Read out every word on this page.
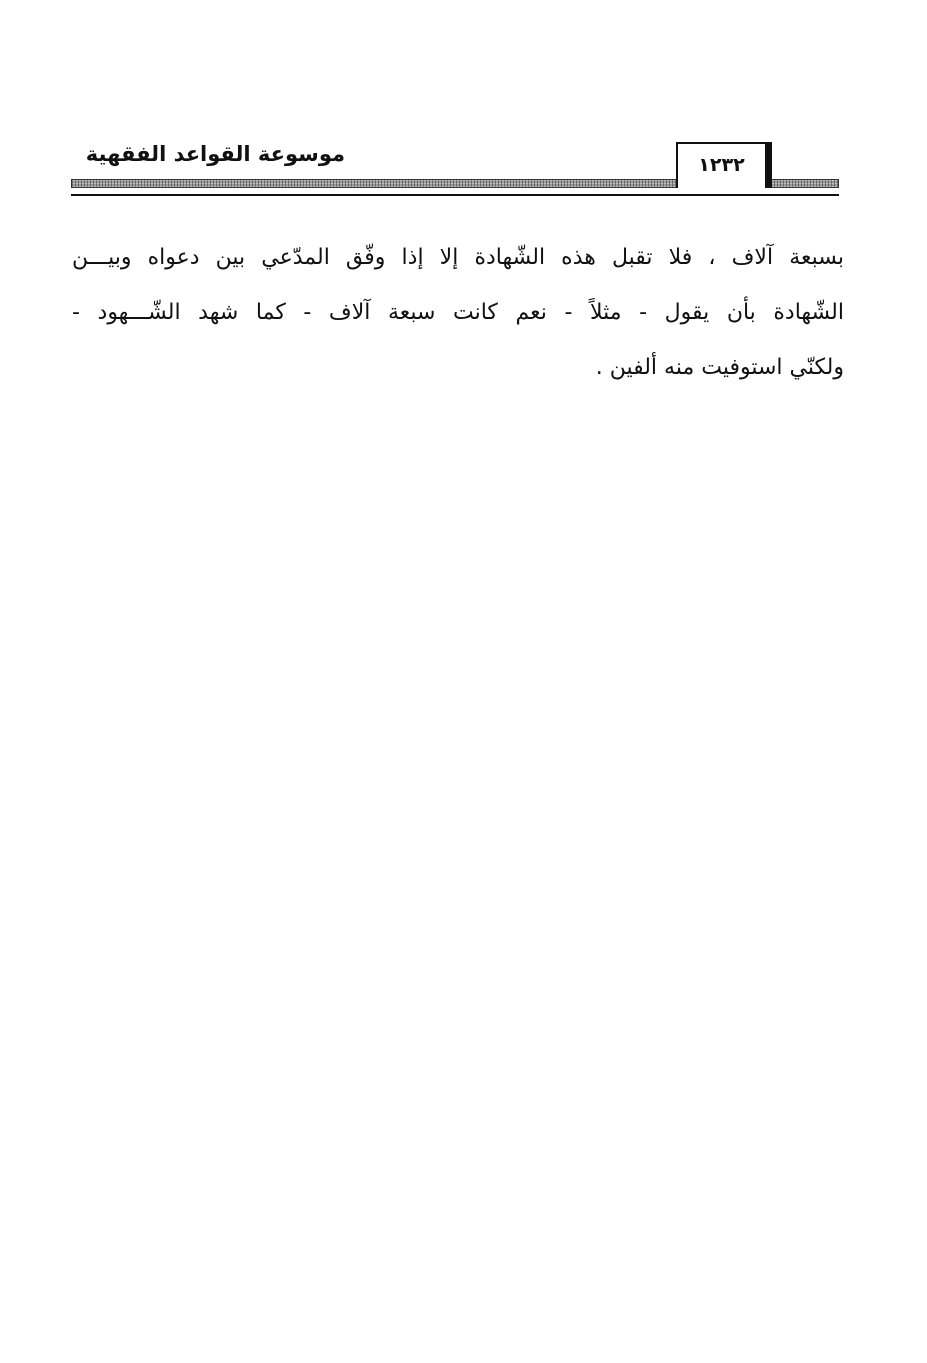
موسوعة القواعد الفقهية	١٢٣٢
بسبعة آلاف ، فلا تقبل هذه الشّهادة إلا إذا وفّق المدّعي بين دعواه وبيـــن
الشّهادة بأن يقول - مثلاً - نعم كانت سبعة آلاف - كما شهد الشّـــهود -
ولكنّي استوفيت منه ألفين .
